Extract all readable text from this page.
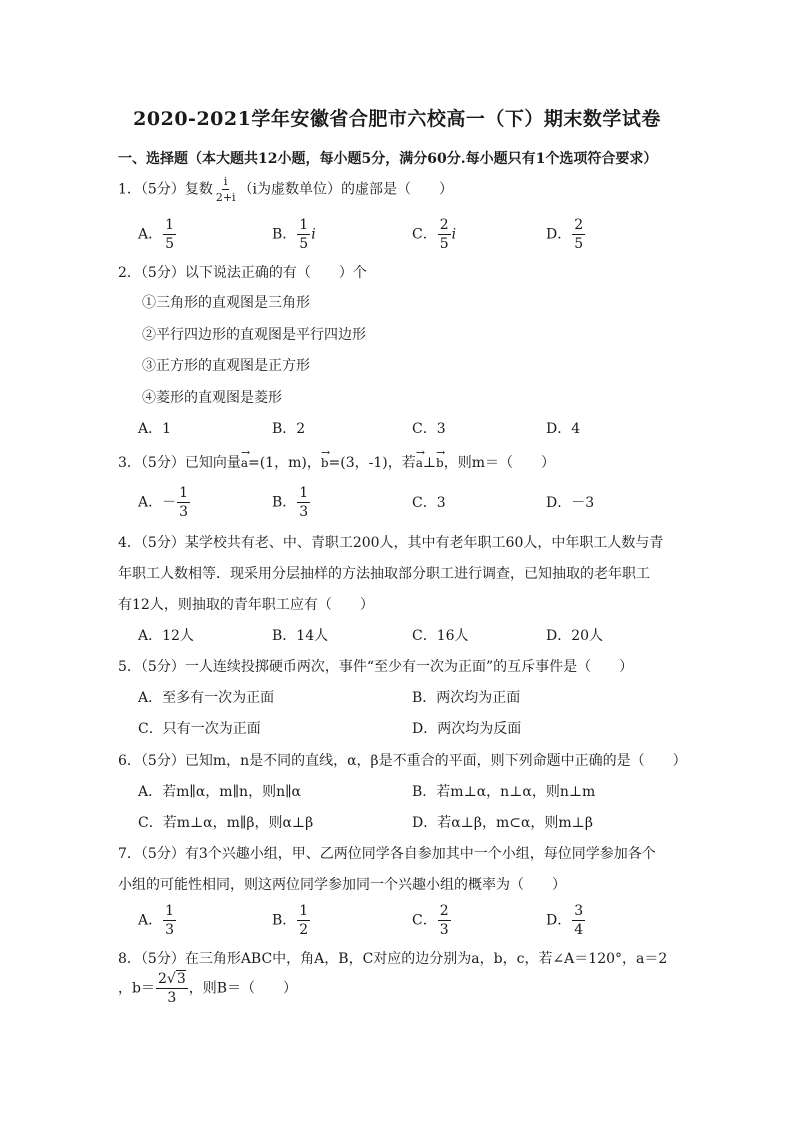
2020-2021学年安徽省合肥市六校高一（下）期末数学试卷
一、选择题（本大题共12小题，每小题5分，满分60分.每小题只有1个选项符合要求）
1．（5分）复数 $\frac{i}{2+i} (i$为虚数单位）的虚部是（　　）
A． $\frac{1}{5}$	B． $\frac{1}{5}$ i	C． $\frac{2}{5}$ i	D． $\frac{2}{5}$
2．（5分）以下说法正确的有（　　）个
①三角形的直观图是三角形
②平行四边形的直观图是平行四边形
③正方形的直观图是正方形
④菱形的直观图是菱形
A．1	B．2	C．3	D．4
3．（5分）已知向量→ a=(1，m)，→ b=(3，-1)，若→ a⊥→ b，则m＝（　　）
A．－ $\frac{1}{3}$	B． $\frac{1}{3}$	C．3	D．－3
4．（5分）某学校共有老、中、青职工200人，其中有老年职工60人，中年职工人数与青
年职工人数相等．现采用分层抽样的方法抽取部分职工进行调查，已知抽取的老年职工
有12人，则抽取的青年职工应有（　　）
A．12人	B．14人	C．16人	D．20人
5．（5分）一人连续投掷硬币两次，事件“至少有一次为正面”的互斥事件是（　　）
A．至多有一次为正面	B．两次均为正面
C．只有一次为正面	D．两次均为反面
6．（5分）已知m，n是不同的直线，α，β是不重合的平面，则下列命题中正确的是（　　）
A．若m∥α，m∥n，则n∥α	B．若m⊥α，n⊥α，则n⊥m
C．若m⊥α，m∥β，则α⊥β	D．若α⊥β，m⊂α，则m⊥β
7．（5分）有3个兴趣小组，甲、乙两位同学各自参加其中一个小组，每位同学参加各个
小组的可能性相同，则这两位同学参加同一个兴趣小组的概率为（　　）
A． $\frac{1}{3}$	B． $\frac{1}{2}$	C． $\frac{2}{3}$	D． $\frac{3}{4}$
8．（5分）在三角形ABC中，角A，B，C对应的边分别为a，b，c，若∠A＝120°，a＝2
，$b= \frac{2√3}{3}$ ，则B＝（　　）
